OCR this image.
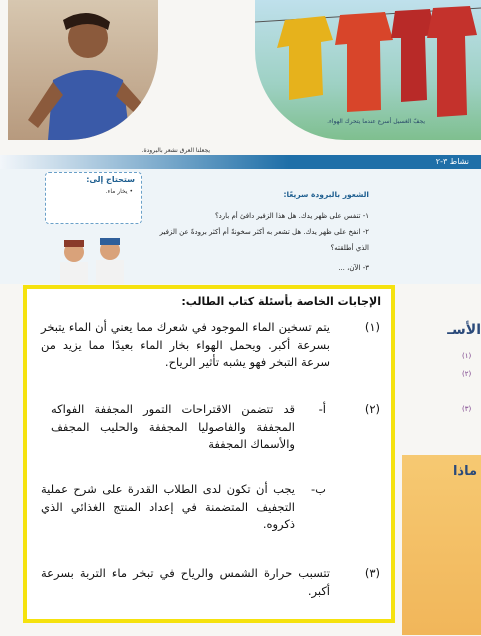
يجفّ الغسيل أسرع عندما يتحرك الهواء.
يجعلنا العرق نشعر بالبرودة.
نشاط ٣-٢
ستحتاج إلى:
• يخار ماء.	الشعور بالبرودة سريعًا:
١- تنفس على ظهر يدك. هل هذا الزفير دافئ أم بارد؟
٢- انفخ على ظهر يدك. هل تشعر به أكثر سخونةً أم أكثر برودةً عن الزفير
الذي أطلقته؟
٣- الآن، ...
الأسـ
(١)
(٢)
(٣)
ماذا
الإجابات الخاصة بأسئلة كتاب الطالب:
(١)
يتم تسخين الماء الموجود في شعرك مما يعني أن الماء يتبخر بسرعة أكبر. ويحمل الهواء بخار الماء بعيدًا مما يزيد من سرعة التبخر فهو يشبه تأثير الرياح.
(٢)
أ-
قد تتضمن الاقتراحات التمور المجففة الفواكه المجففة والفاصوليا المجففة والحليب المجفف والأسماك المجففة
ب-
يجب أن تكون لدى الطلاب القدرة على شرح عملية التجفيف المتضمنة في إعداد المنتج الغذائي الذي ذكروه.
(٣)
تتسبب حرارة الشمس والرياح في تبخر ماء التربة بسرعة أكبر.
